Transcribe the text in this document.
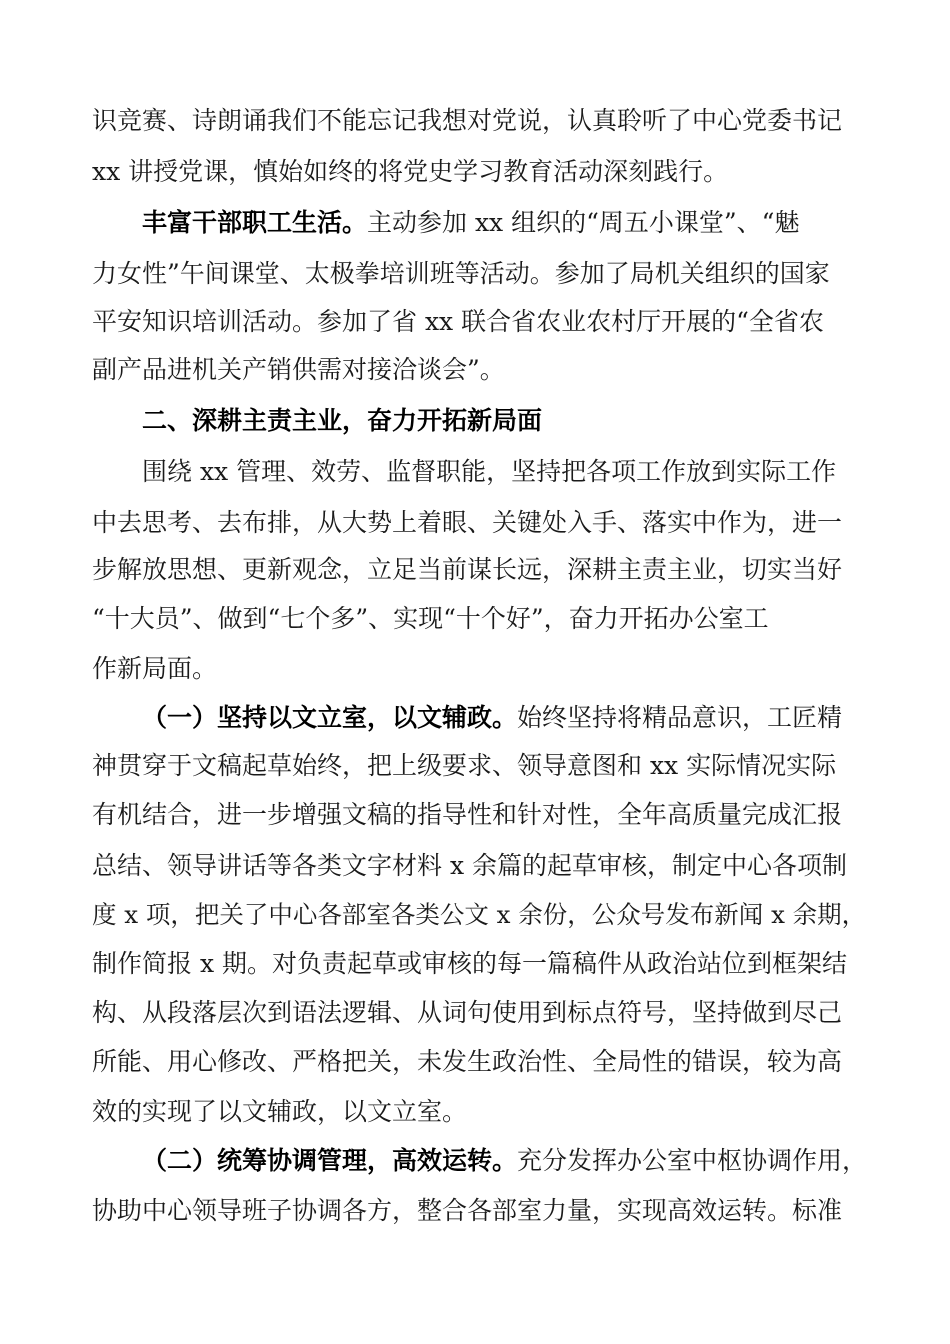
识竞赛、诗朗诵我们不能忘记我想对党说，认真聆听了中心党委书记

xx 讲授党课，慎始如终的将党史学习教育活动深刻践行。

丰富干部职工生活。主动参加 xx 组织的“周五小课堂”、“魅

力女性”午间课堂、太极拳培训班等活动。参加了局机关组织的国家

平安知识培训活动。参加了省 xx 联合省农业农村厅开展的“全省农

副产品进机关产销供需对接洽谈会”。

二、深耕主责主业，奋力开拓新局面

围绕 xx 管理、效劳、监督职能，坚持把各项工作放到实际工作

中去思考、去布排，从大势上着眼、关键处入手、落实中作为，进一

步解放思想、更新观念，立足当前谋长远，深耕主责主业，切实当好

“十大员”、做到“七个多”、实现“十个好”，奋力开拓办公室工

作新局面。

（一）坚持以文立室，以文辅政。始终坚持将精品意识，工匠精

神贯穿于文稿起草始终，把上级要求、领导意图和 xx 实际情况实际

有机结合，进一步增强文稿的指导性和针对性，全年高质量完成汇报

总结、领导讲话等各类文字材料 x 余篇的起草审核，制定中心各项制

度 x 项，把关了中心各部室各类公文 x 余份，公众号发布新闻 x 余期，

制作简报 x 期。对负责起草或审核的每一篇稿件从政治站位到框架结

构、从段落层次到语法逻辑、从词句使用到标点符号，坚持做到尽己

所能、用心修改、严格把关，未发生政治性、全局性的错误，较为高

效的实现了以文辅政，以文立室。

（二）统筹协调管理，高效运转。充分发挥办公室中枢协调作用，

协助中心领导班子协调各方，整合各部室力量，实现高效运转。标准
